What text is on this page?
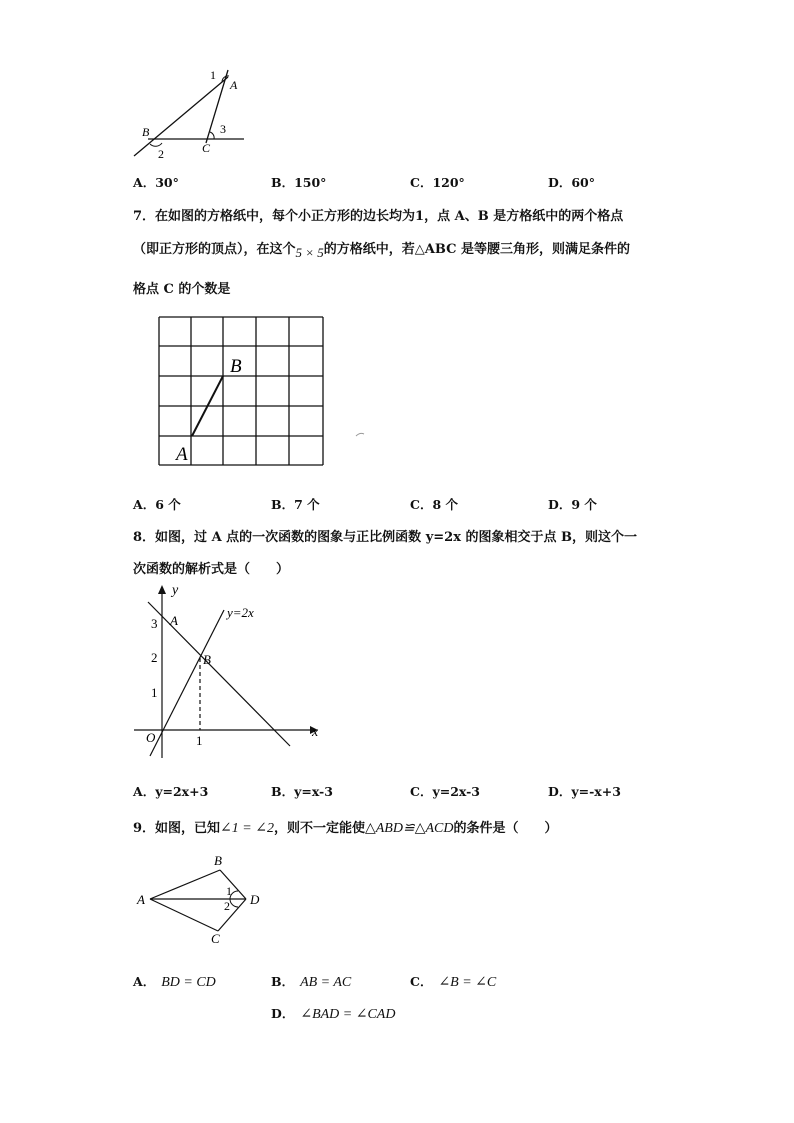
1
A
3
B
C
2
A．30°	B．150°	C．120°	D．60°
7．在如图的方格纸中，每个小正方形的边长均为1，点 A、B 是方格纸中的两个格点
（即正方形的顶点），在这个5 × 5的方格纸中，若△ABC 是等腰三角形，则满足条件的
格点 C 的个数是
A
B
A．6 个	B．7 个	C．8 个	D．9 个
8．如图，过 A 点的一次函数的图象与正比例函数 y=2x 的图象相交于点 B，则这个一
次函数的解析式是（　　）
y
x
O
A
B
y=2x
3
2
1
1
A．y=2x+3	B．y=x-3	C．y=2x-3	D．y=-x+3
9．如图，已知∠1 = ∠2，则不一定能使△ABD≌△ACD的条件是（　　）
A
B
C
D
1
2
A． BD = CD	B． AB = AC	C． ∠B = ∠C
D． ∠BAD = ∠CAD
